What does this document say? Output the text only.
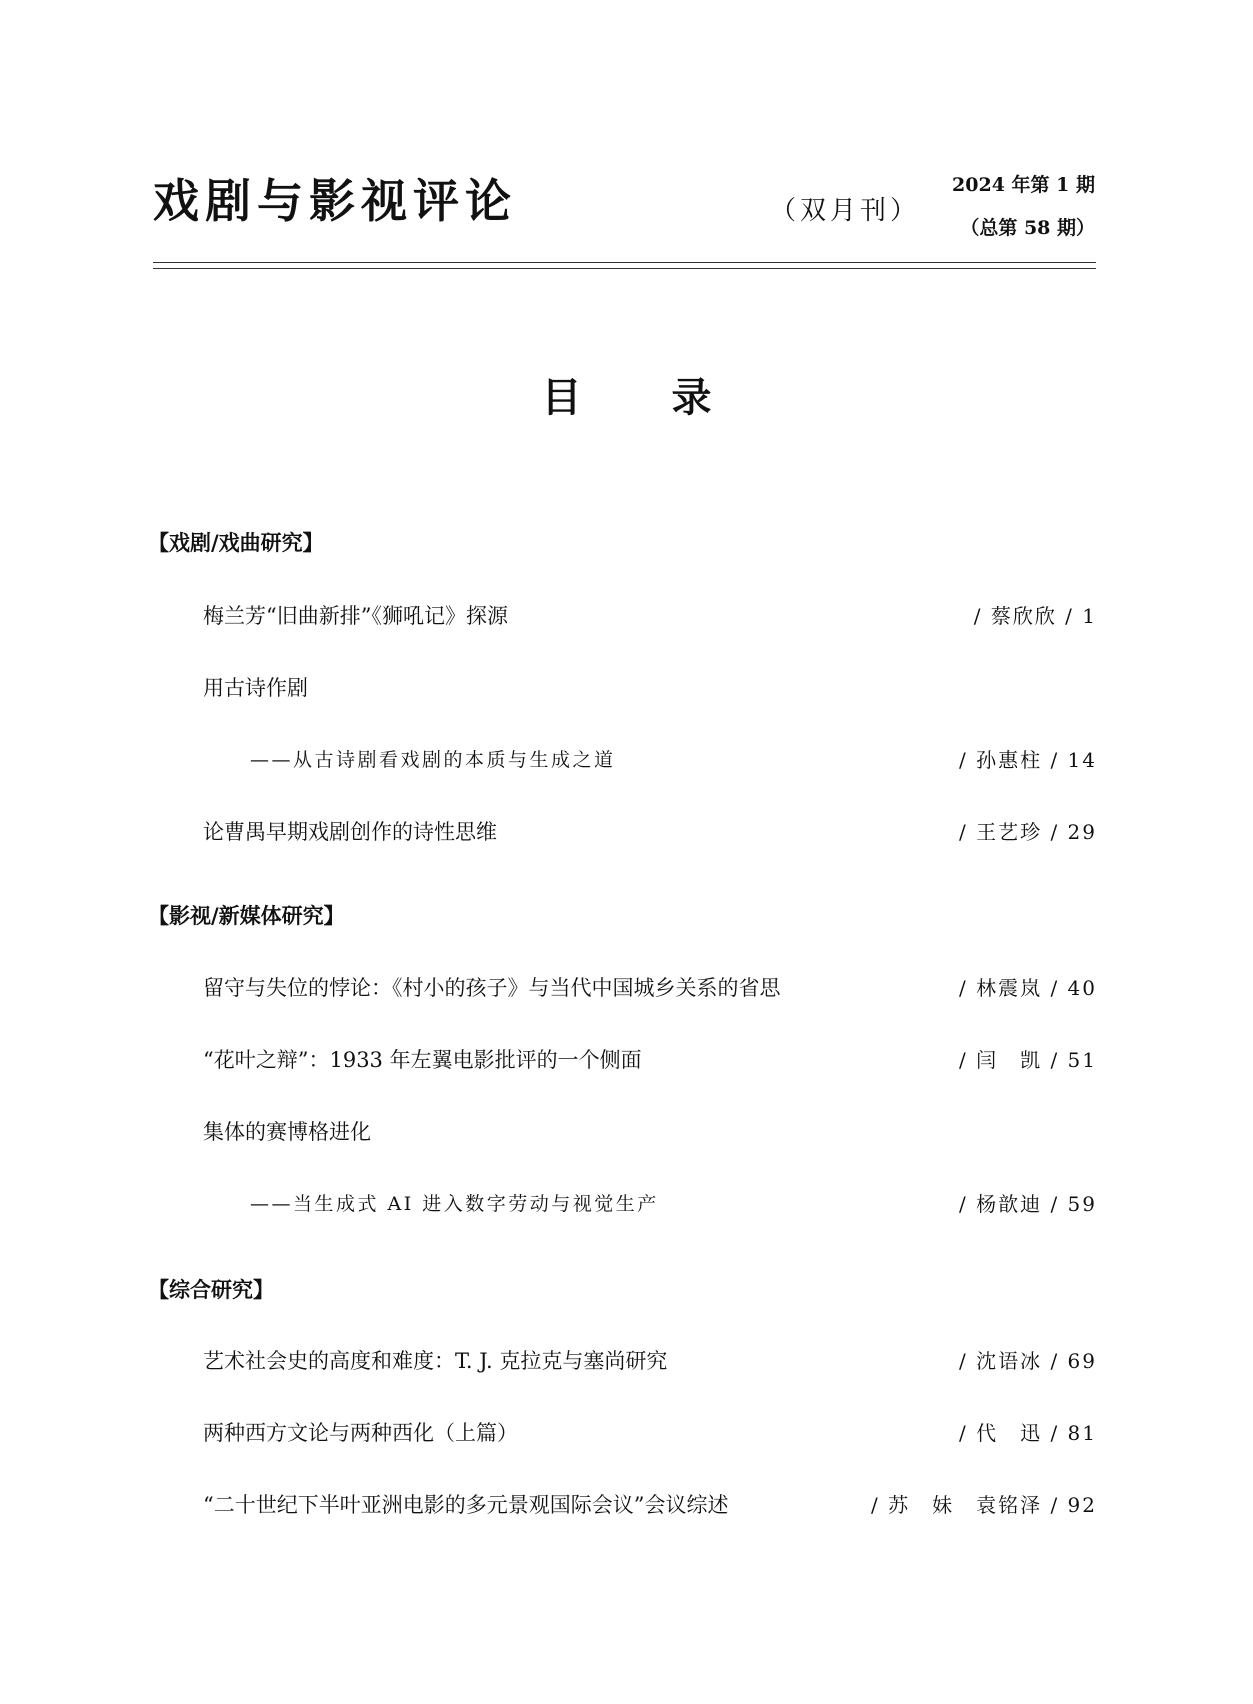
戏剧与影视评论	（双月刊）
2024 年第 1 期
（总第 58 期）
目录
【戏剧/戏曲研究】
梅兰芳“旧曲新排”《狮吼记》探源	/ 蔡欣欣 / 1
用古诗作剧
——从古诗剧看戏剧的本质与生成之道	/ 孙惠柱 / 14
论曹禺早期戏剧创作的诗性思维	/ 王艺珍 / 29
【影视/新媒体研究】
留守与失位的悖论：《村小的孩子》与当代中国城乡关系的省思	/ 林震岚 / 40
“花叶之辩”：1933 年左翼电影批评的一个侧面	/ 闫　凯 / 51
集体的赛博格进化
——当生成式 AI 进入数字劳动与视觉生产	/ 杨歆迪 / 59
【综合研究】
艺术社会史的高度和难度：T. J. 克拉克与塞尚研究	/ 沈语冰 / 69
两种西方文论与两种西化（上篇）	/ 代　迅 / 81
“二十世纪下半叶亚洲电影的多元景观国际会议”会议综述	/ 苏　妹　袁铭泽 / 92
